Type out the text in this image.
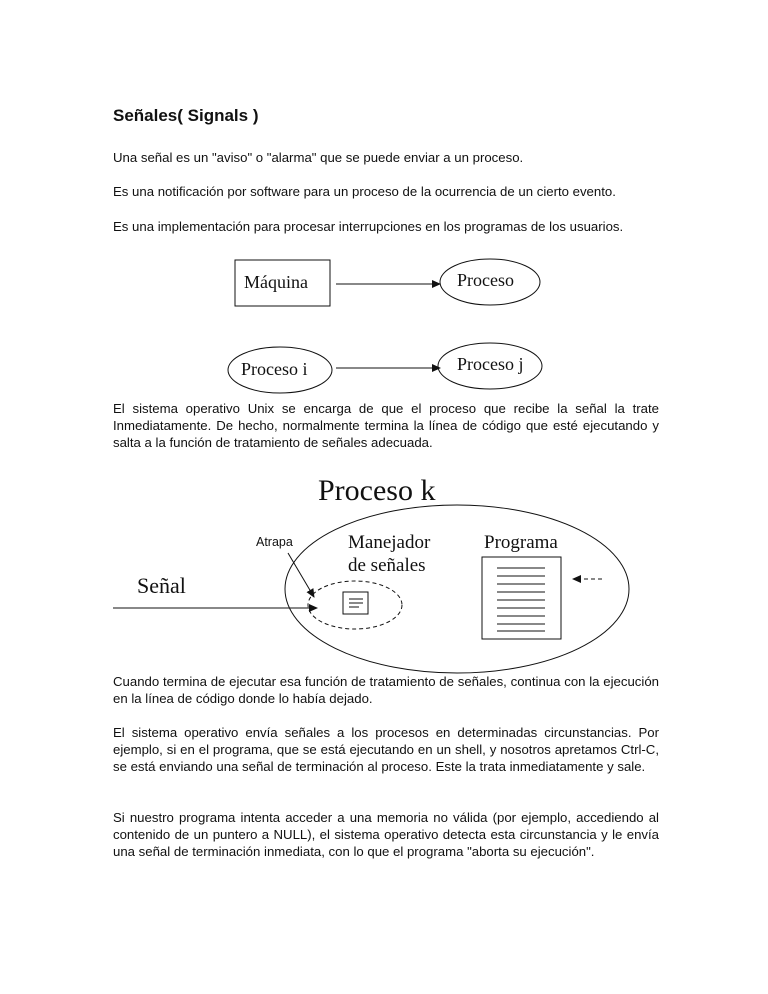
Señales( Signals )

Una señal es un "aviso" o "alarma" que se puede enviar a un proceso.

Es una notificación por software para un proceso de la ocurrencia de un cierto evento.

Es una implementación para procesar interrupciones en los programas de los usuarios.

Máquina	Proceso
Proceso i	Proceso j

El sistema operativo Unix se encarga de que el proceso que recibe la señal la trate Inmediatamente. De hecho, normalmente termina la línea de código que esté ejecutando y salta a la función de tratamiento de señales adecuada.

Proceso k
Atrapa	Manejador
de señales
Programa
Señal

Cuando termina de ejecutar esa función de tratamiento de señales, continua con la ejecución en la línea de código donde lo había dejado.

El sistema operativo envía señales a los procesos en determinadas circunstancias. Por ejemplo, si en el programa, que se está ejecutando en un shell, y nosotros apretamos Ctrl-C, se está enviando una señal de terminación al proceso. Este la trata inmediatamente y sale.

Si nuestro programa intenta acceder a una memoria no válida (por ejemplo, accediendo al contenido de un puntero a NULL), el sistema operativo detecta esta circunstancia y le envía una señal de terminación inmediata, con lo que el programa "aborta su ejecución".
